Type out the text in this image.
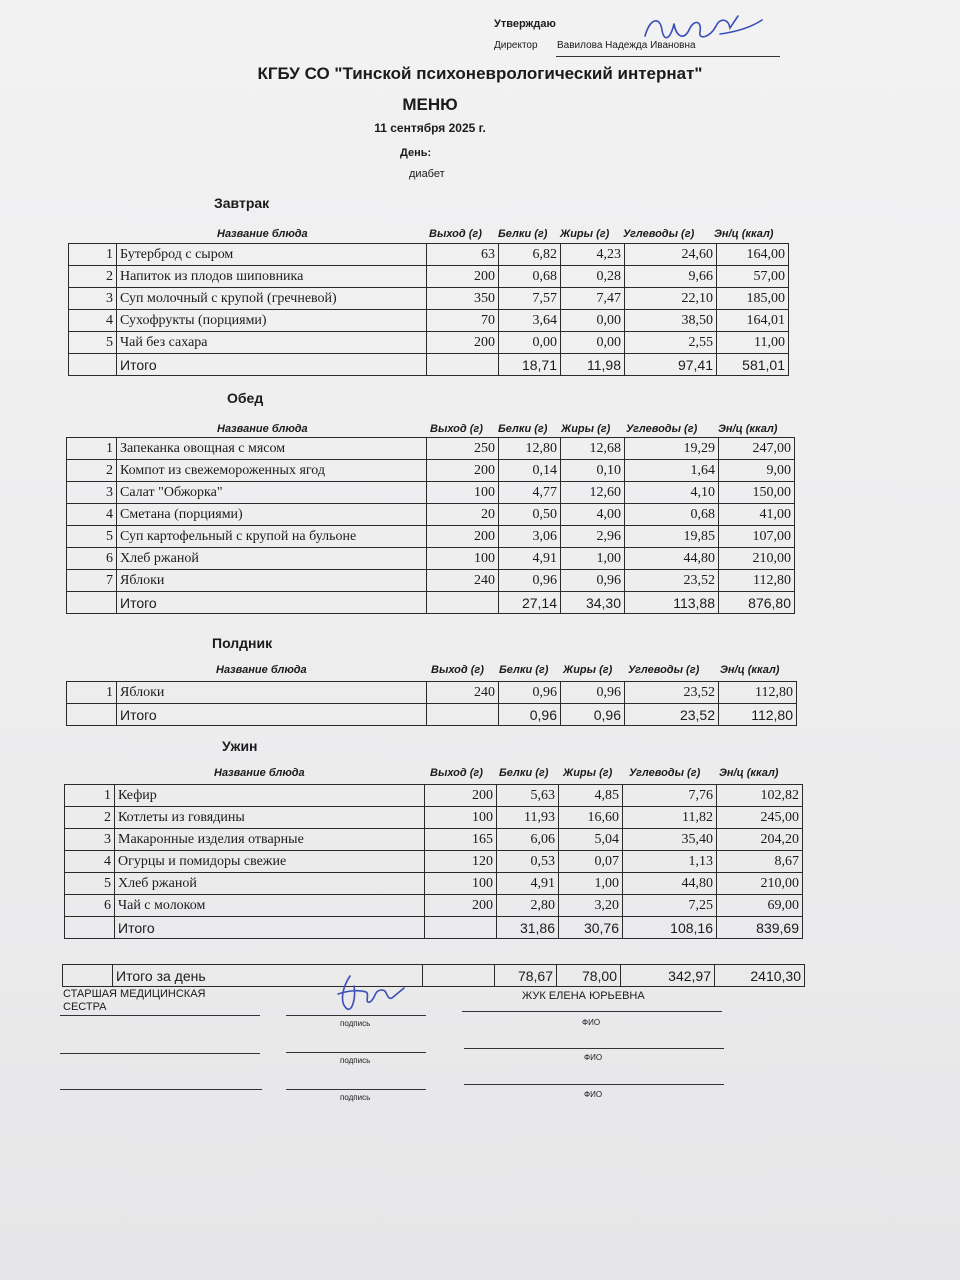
Утверждаю
Директор Вавилова Надежда Ивановна
КГБУ СО "Тинской психоневрологический интернат"
МЕНЮ
11 сентября 2025 г.
День:
диабет
Завтрак
Название блюда	Выход (г) Белки (г) Жиры (г) Углеводы (г) Эн/ц (ккал)
1	Бутерброд с сыром	63	6,82	4,23	24,60	164,00
2	Напиток из плодов шиповника	200	0,68	0,28	9,66	57,00
3	Суп молочный с крупой (гречневой)	350	7,57	7,47	22,10	185,00
4	Сухофрукты (порциями)	70	3,64	0,00	38,50	164,01
5	Чай без сахара	200	0,00	0,00	2,55	11,00
	Итого		18,71	11,98	97,41	581,01
Обед
Название блюда	Выход (г) Белки (г) Жиры (г) Углеводы (г) Эн/ц (ккал)
1	Запеканка овощная с мясом	250	12,80	12,68	19,29	247,00
2	Компот из свежемороженных ягод	200	0,14	0,10	1,64	9,00
3	Салат "Обжорка"	100	4,77	12,60	4,10	150,00
4	Сметана (порциями)	20	0,50	4,00	0,68	41,00
5	Суп картофельный с крупой на бульоне	200	3,06	2,96	19,85	107,00
6	Хлеб ржаной	100	4,91	1,00	44,80	210,00
7	Яблоки	240	0,96	0,96	23,52	112,80
	Итого		27,14	34,30	113,88	876,80
Полдник
Название блюда	Выход (г) Белки (г) Жиры (г) Углеводы (г) Эн/ц (ккал)
1	Яблоки	240	0,96	0,96	23,52	112,80
	Итого		0,96	0,96	23,52	112,80
Ужин
Название блюда	Выход (г) Белки (г) Жиры (г) Углеводы (г) Эн/ц (ккал)
1	Кефир	200	5,63	4,85	7,76	102,82
2	Котлеты из говядины	100	11,93	16,60	11,82	245,00
3	Макаронные изделия отварные	165	6,06	5,04	35,40	204,20
4	Огурцы и помидоры свежие	120	0,53	0,07	1,13	8,67
5	Хлеб ржаной	100	4,91	1,00	44,80	210,00
6	Чай с молоком	200	2,80	3,20	7,25	69,00
	Итого		31,86	30,76	108,16	839,69
	Итого за день		78,67	78,00	342,97	2410,30
СТАРШАЯ МЕДИЦИНСКАЯ
СЕСТРА
ЖУК ЕЛЕНА ЮРЬЕВНА
подпись	ФИО
подпись	ФИО
подпись	ФИО
